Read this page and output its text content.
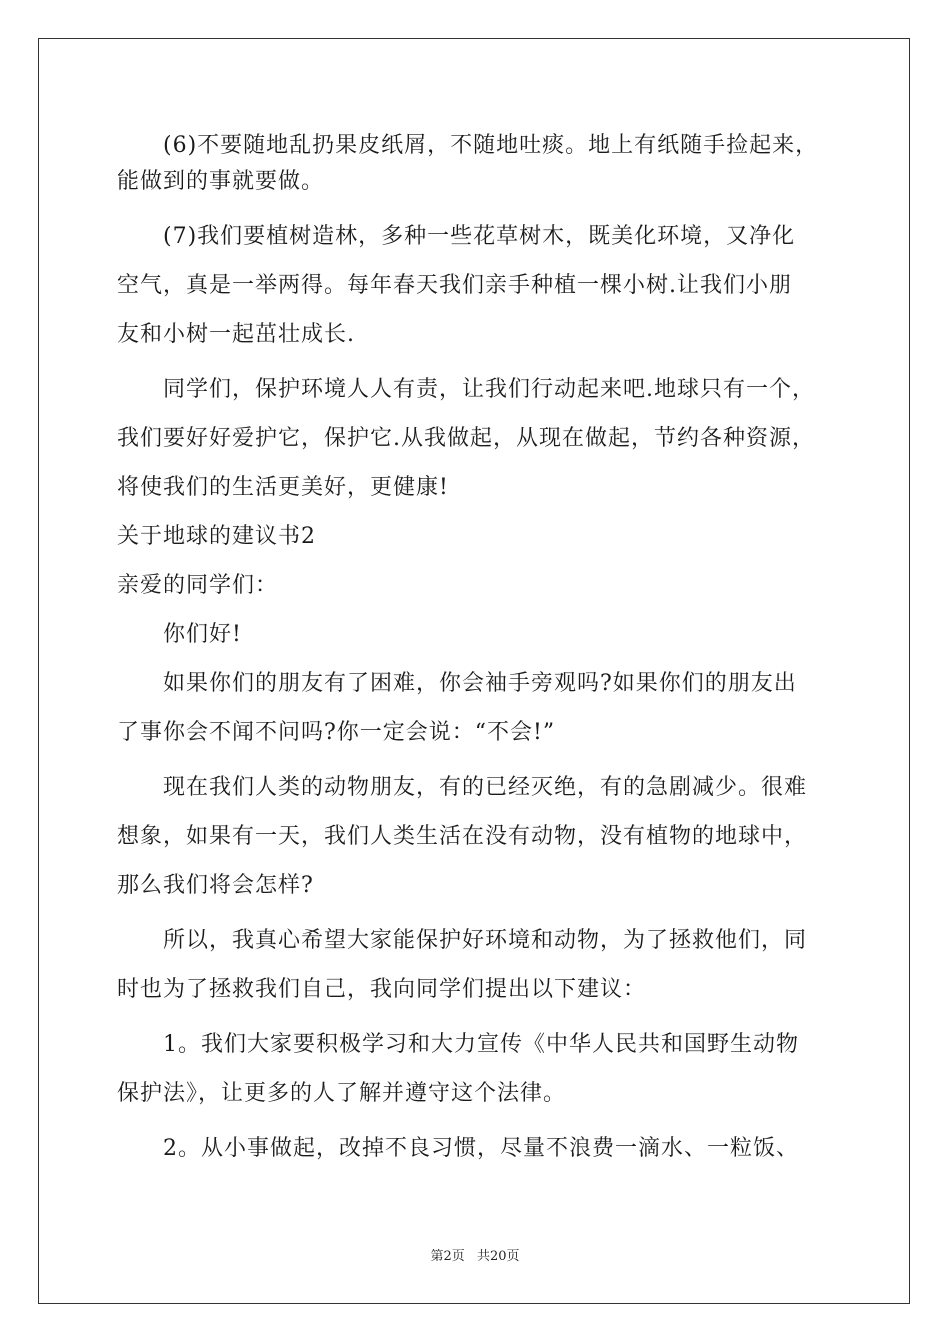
(6)不要随地乱扔果皮纸屑，不随地吐痰。地上有纸随手捡起来，
能做到的事就要做。
(7)我们要植树造林，多种一些花草树木，既美化环境，又净化
空气，真是一举两得。每年春天我们亲手种植一棵小树.让我们小朋
友和小树一起茁壮成长.
同学们，保护环境人人有责，让我们行动起来吧.地球只有一个，
我们要好好爱护它，保护它.从我做起，从现在做起，节约各种资源，
将使我们的生活更美好，更健康!
关于地球的建议书2
亲爱的同学们：
你们好!
如果你们的朋友有了困难，你会袖手旁观吗?如果你们的朋友出
了事你会不闻不问吗?你一定会说：“不会!”
现在我们人类的动物朋友，有的已经灭绝，有的急剧减少。很难
想象，如果有一天，我们人类生活在没有动物，没有植物的地球中，
那么我们将会怎样?
所以，我真心希望大家能保护好环境和动物，为了拯救他们，同
时也为了拯救我们自己，我向同学们提出以下建议：
1。我们大家要积极学习和大力宣传《中华人民共和国野生动物
保护法》，让更多的人了解并遵守这个法律。
2。从小事做起，改掉不良习惯，尽量不浪费一滴水、一粒饭、
第2页 共20页
